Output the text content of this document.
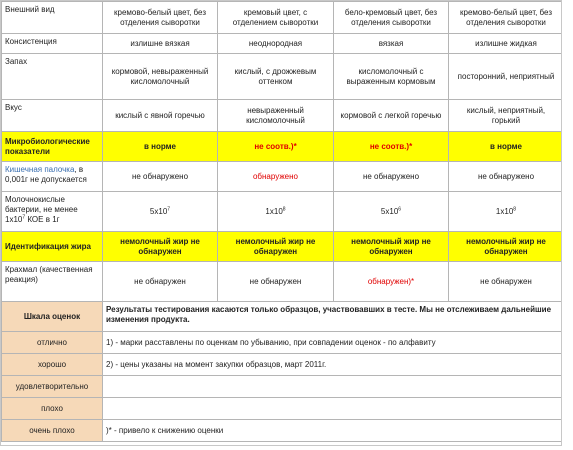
Внешний вид	кремово-белый цвет, без отделения сыворотки	кремовый цвет, с отделением сыворотки	бело-кремовый цвет, без отделения сыворотки	кремово-белый цвет, без отделения сыворотки
Консистенция	излишне вязкая	неоднородная	вязкая	излишне жидкая
Запах	кормовой, невыраженный кисломолочный	кислый, с дрожжевым оттенком	кисломолочный с выраженным кормовым	посторонний, неприятный
Вкус	кислый с явной горечью	невыраженный кисломолочный	кормовой с легкой горечью	кислый, неприятный, горький
Микробиологические показатели	в норме	не соотв.)*	не соотв.)*	в норме
Кишечная палочка, в 0,001г не допускается	не обнаружено	обнаружено	не обнаружено	не обнаружено
Молочнокислые бактерии, не менее $1х10^7$ КОЕ в 1г	$5х10^7$	$1х10^8$	$5х10^6$	$1х10^8$
Идентификация жира	немолочный жир не обнаружен	немолочный жир не обнаружен	немолочный жир не обнаружен	немолочный жир не обнаружен
Крахмал (качественная реакция)	не обнаружен	не обнаружен	обнаружен)*	не обнаружен
Шкала оценок	Результаты тестирования касаются только образцов, участвовавших в тесте. Мы не отслеживаем дальнейшие изменения продукта.			
отлично	1) - марки расставлены по оценкам по убыванию, при совпадении оценок - по алфавиту			
хорошо	2) - цены указаны на момент закупки образцов, март 2011г.			
удовлетворительно				
плохо				
очень плохо	)* - привело к снижению оценки			
